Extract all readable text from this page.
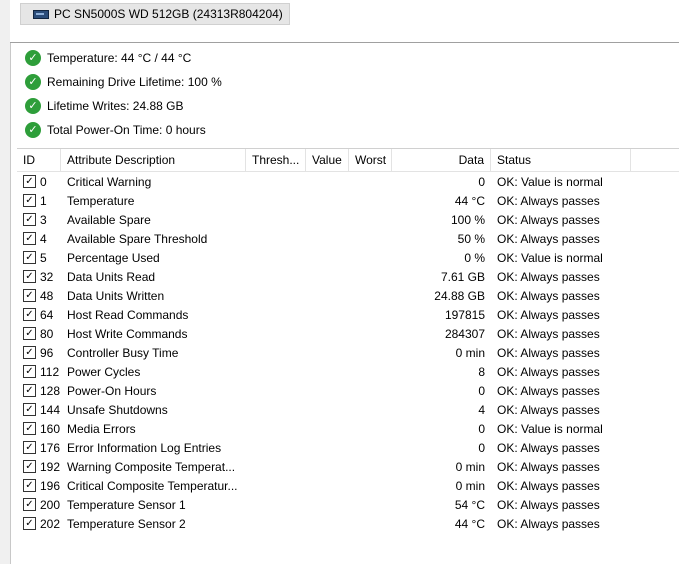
PC SN5000S WD 512GB (24313R804204)
✓ Temperature: 44 °C / 44 °C
✓ Remaining Drive Lifetime: 100 %
✓ Lifetime Writes: 24.88 GB
✓ Total Power-On Time: 0 hours
ID	Attribute Description	Thresh...	Value	Worst	Data	Status
✓ 0	Critical Warning	0	OK: Value is normal
✓ 1	Temperature	44 °C	OK: Always passes
✓ 3	Available Spare	100 %	OK: Always passes
✓ 4	Available Spare Threshold	50 %	OK: Always passes
✓ 5	Percentage Used	0 %	OK: Value is normal
✓ 32	Data Units Read	7.61 GB	OK: Always passes
✓ 48	Data Units Written	24.88 GB	OK: Always passes
✓ 64	Host Read Commands	197815	OK: Always passes
✓ 80	Host Write Commands	284307	OK: Always passes
✓ 96	Controller Busy Time	0 min	OK: Always passes
✓ 112 Power Cycles	8	OK: Always passes
✓ 128 Power-On Hours	0	OK: Always passes
✓ 144 Unsafe Shutdowns	4	OK: Always passes
✓ 160 Media Errors	0	OK: Value is normal
✓ 176 Error Information Log Entries	0	OK: Always passes
✓ 192 Warning Composite Temperat...	0 min	OK: Always passes
✓ 196 Critical Composite Temperatur...	0 min	OK: Always passes
✓ 200 Temperature Sensor 1	54 °C	OK: Always passes
✓ 202 Temperature Sensor 2	44 °C	OK: Always passes
